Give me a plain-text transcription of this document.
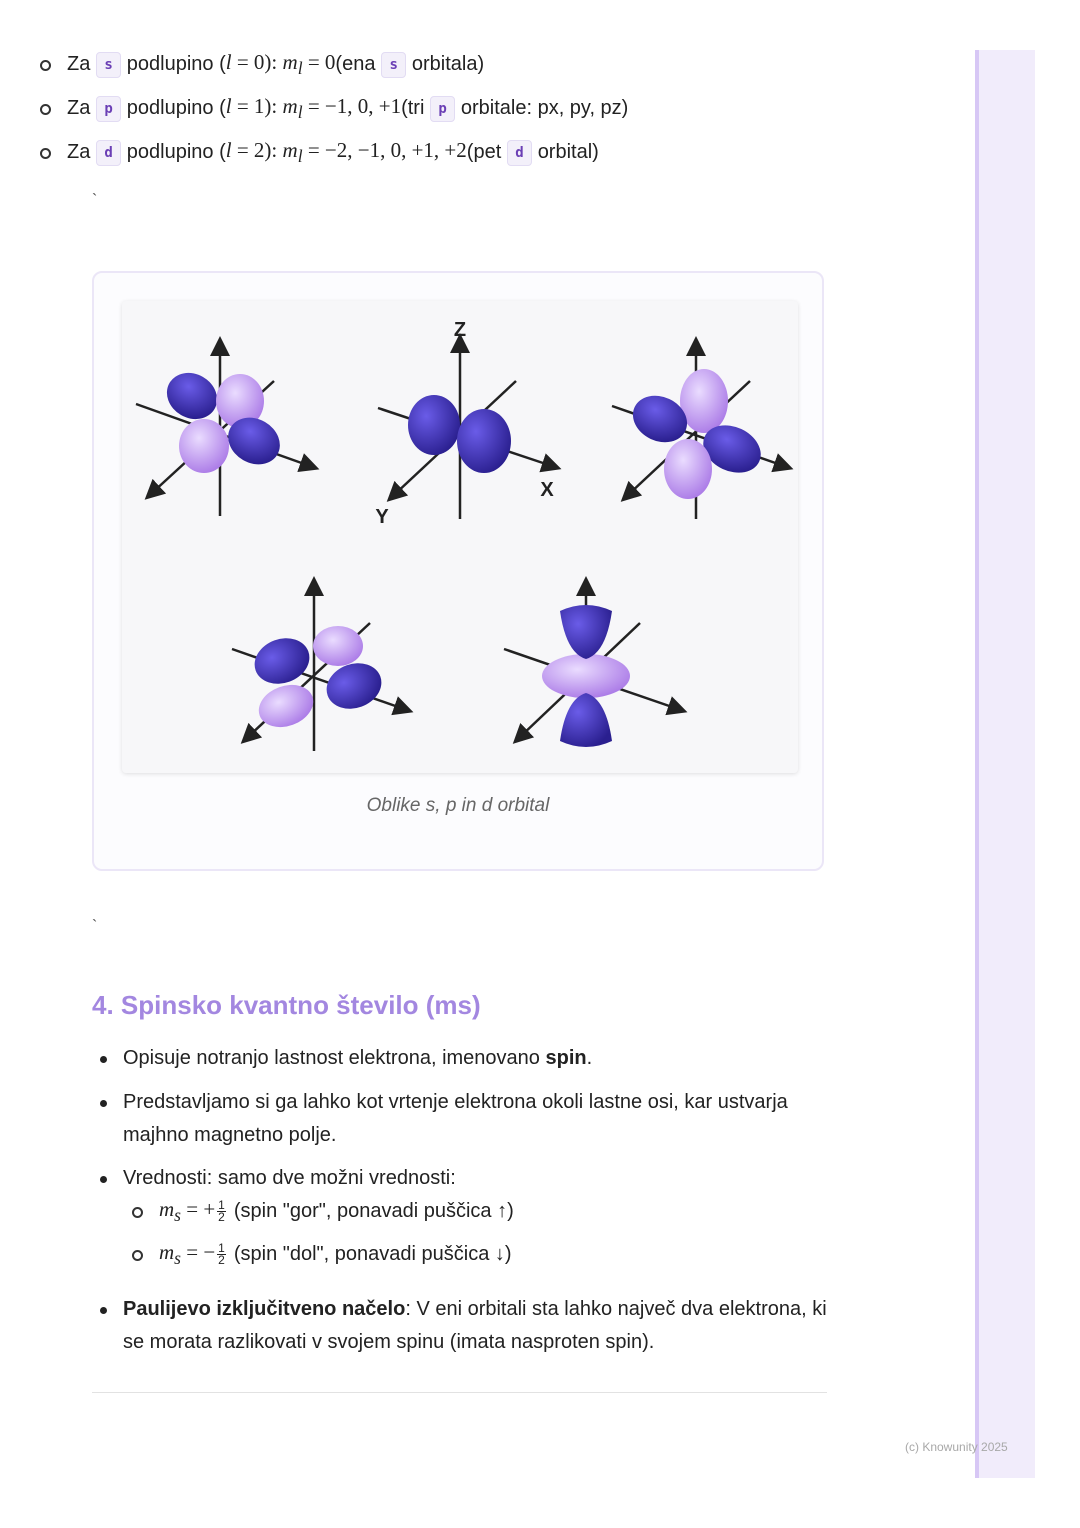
(c) Knowunity 2025
Za	s podlupino ( l = 0): $m_l = 0$ (ena	s orbitala)
Za	p podlupino ( l = 1): $m_l = -1$, 0, +1 (tri	p orbitale: px, py, pz)
Za	d podlupino ( l = 2): $m_l = -2$, −1, 0, +1, +2 (pet	d orbital)
`
Z
X
Y
Oblike s, p in d orbital
`
4. Spinsko kvantno število (ms)
Opisuje notranjo lastnost elektrona, imenovano spin.
Predstavljamo si ga lahko kot vrtenje elektrona okoli lastne osi, kar ustvarja majhno magnetno polje.
Vrednosti: samo dve možni vrednosti:
$m_s$ = + $\frac{1}{2}$ (spin "gor", ponavadi puščica ↑)
$m_s$ = − $\frac{1}{2}$ (spin "dol", ponavadi puščica ↓)
Paulijevo izključitveno načelo: V eni orbitali sta lahko največ dva elektrona, ki se morata razlikovati v svojem spinu (imata nasproten spin).
